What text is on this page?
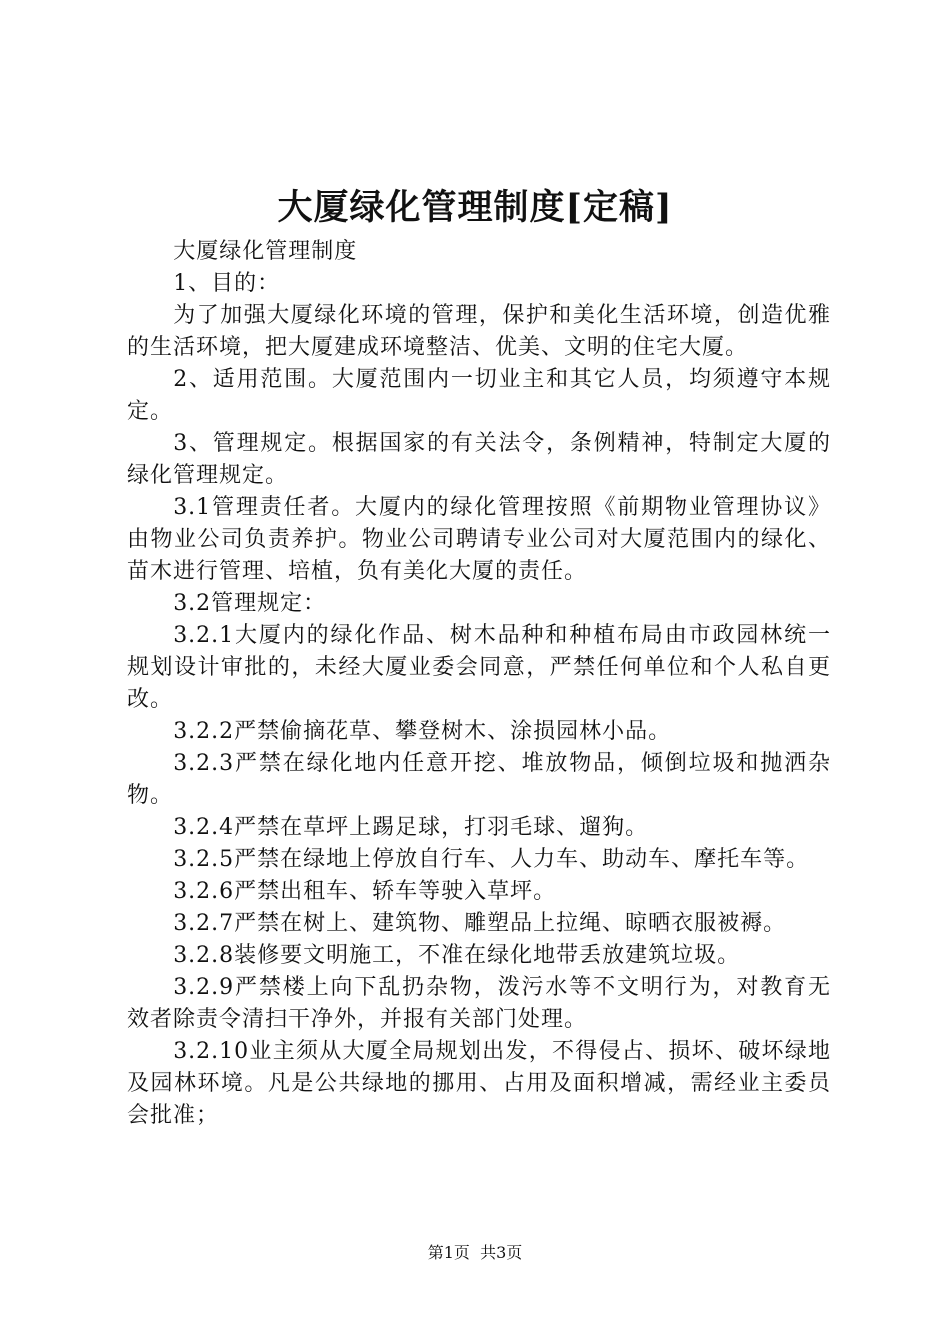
大厦绿化管理制度[定稿]

大厦绿化管理制度

1、目的：

为了加强大厦绿化环境的管理，保护和美化生活环境，创造优雅的生活环境，把大厦建成环境整洁、优美、文明的住宅大厦。

2、适用范围。大厦范围内一切业主和其它人员，均须遵守本规定。

3、管理规定。根据国家的有关法令，条例精神，特制定大厦的绿化管理规定。

3.1管理责任者。大厦内的绿化管理按照《前期物业管理协议》由物业公司负责养护。物业公司聘请专业公司对大厦范围内的绿化、苗木进行管理、培植，负有美化大厦的责任。

3.2管理规定：

3.2.1大厦内的绿化作品、树木品种和种植布局由市政园林统一规划设计审批的，未经大厦业委会同意，严禁任何单位和个人私自更改。

3.2.2严禁偷摘花草、攀登树木、涂损园林小品。

3.2.3严禁在绿化地内任意开挖、堆放物品，倾倒垃圾和抛洒杂物。

3.2.4严禁在草坪上踢足球，打羽毛球、遛狗。

3.2.5严禁在绿地上停放自行车、人力车、助动车、摩托车等。

3.2.6严禁出租车、轿车等驶入草坪。

3.2.7严禁在树上、建筑物、雕塑品上拉绳、晾晒衣服被褥。

3.2.8装修要文明施工，不准在绿化地带丢放建筑垃圾。

3.2.9严禁楼上向下乱扔杂物，泼污水等不文明行为，对教育无效者除责令清扫干净外，并报有关部门处理。

3.2.10业主须从大厦全局规划出发，不得侵占、损坏、破坏绿地及园林环境。凡是公共绿地的挪用、占用及面积增减，需经业主委员会批准；

第1页  共3页
